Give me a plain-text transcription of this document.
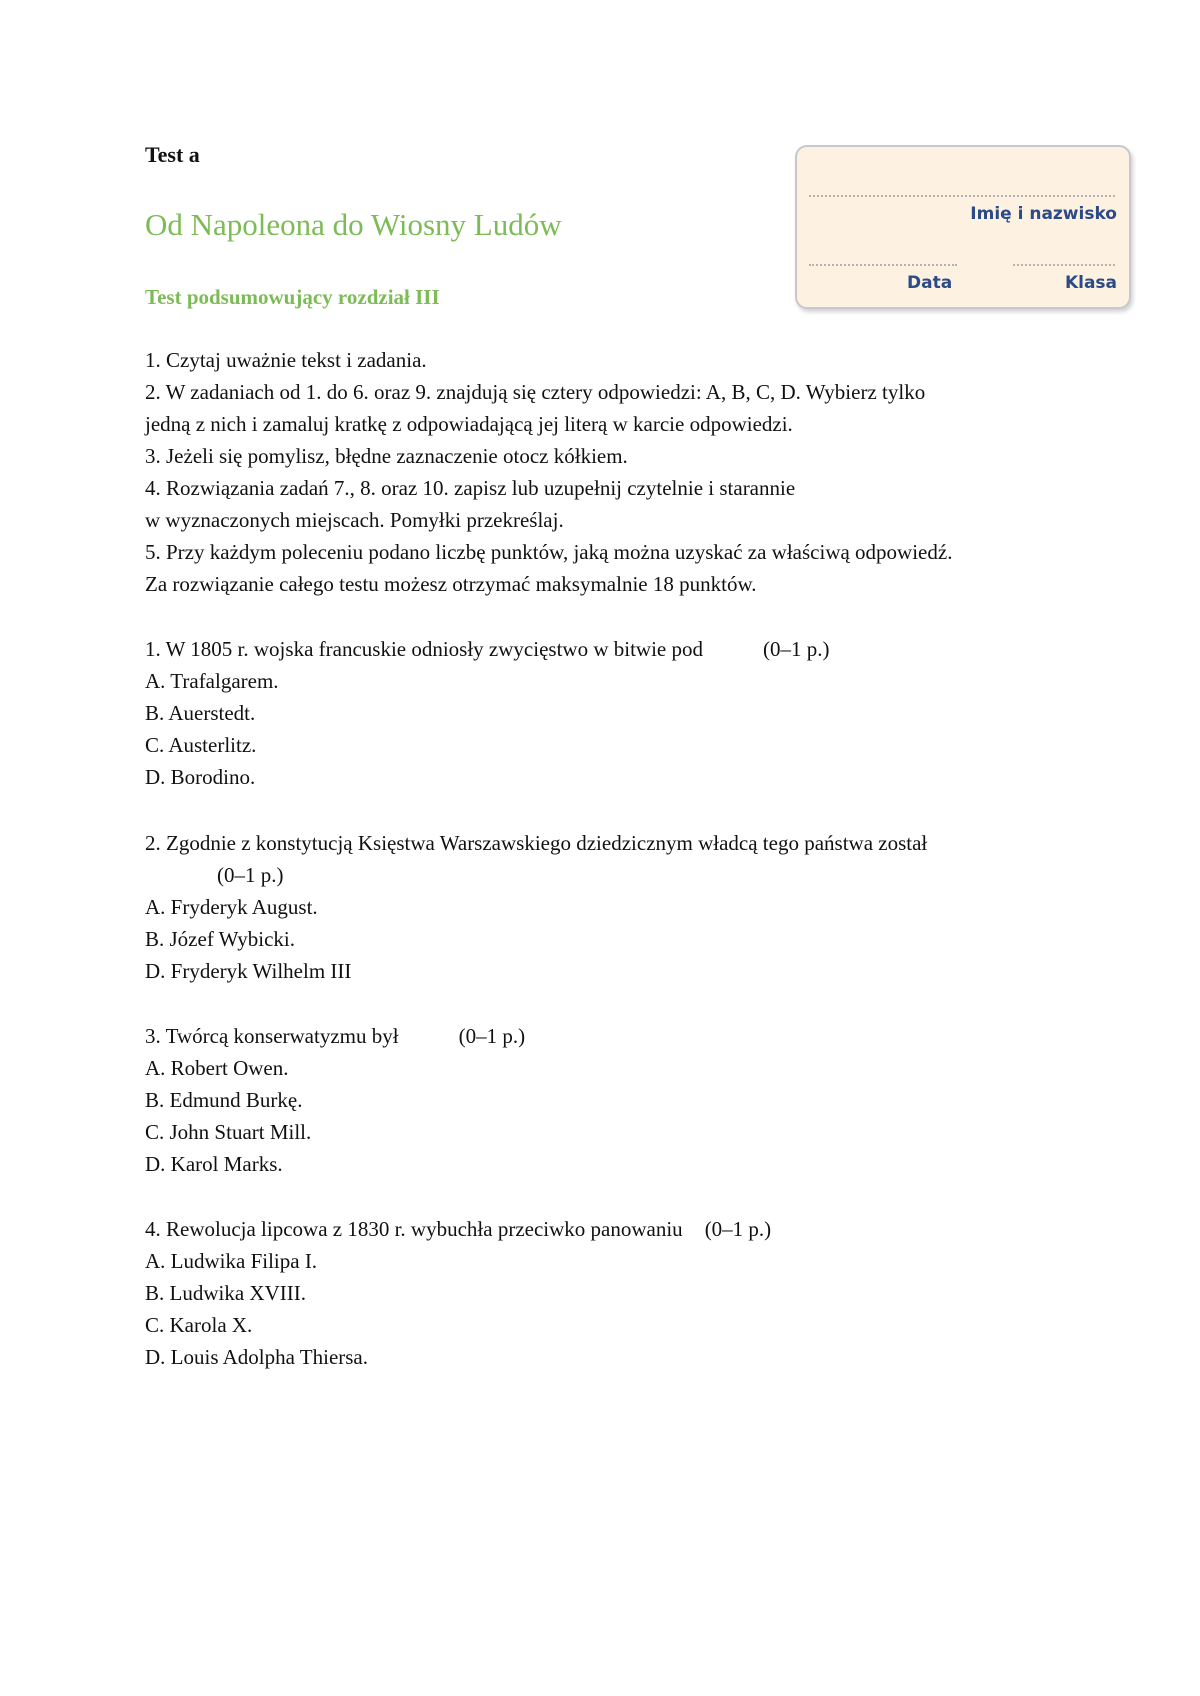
Test a
Od Napoleona do Wiosny Ludów
Test podsumowujący rozdział III
Imię i nazwisko
Data	Klasa
1. Czytaj uważnie tekst i zadania.
2. W zadaniach od 1. do 6. oraz 9. znajdują się cztery odpowiedzi: A, B, C, D. Wybierz tylko
jedną z nich i zamaluj kratkę z odpowiadającą jej literą w karcie odpowiedzi.
3. Jeżeli się pomylisz, błędne zaznaczenie otocz kółkiem.
4. Rozwiązania zadań 7., 8. oraz 10. zapisz lub uzupełnij czytelnie i starannie
w wyznaczonych miejscach. Pomyłki przekreślaj.
5. Przy każdym poleceniu podano liczbę punktów, jaką można uzyskać za właściwą odpowiedź.
Za rozwiązanie całego testu możesz otrzymać maksymalnie 18 punktów.
1. W 1805 r. wojska francuskie odniosły zwycięstwo w bitwie pod	(0–1 p.)
A. Trafalgarem.
B. Auerstedt.
C. Austerlitz.
D. Borodino.
2. Zgodnie z konstytucją Księstwa Warszawskiego dziedzicznym władcą tego państwa został
(0–1 p.)
A. Fryderyk August.
B. Józef Wybicki.
D. Fryderyk Wilhelm III
3. Twórcą konserwatyzmu był	(0–1 p.)
A. Robert Owen.
B. Edmund Burkę.
C. John Stuart Mill.
D. Karol Marks.
4. Rewolucja lipcowa z 1830 r. wybuchła przeciwko panowaniu (0–1 p.)
A. Ludwika Filipa I.
B. Ludwika XVIII.
C. Karola X.
D. Louis Adolpha Thiersa.
